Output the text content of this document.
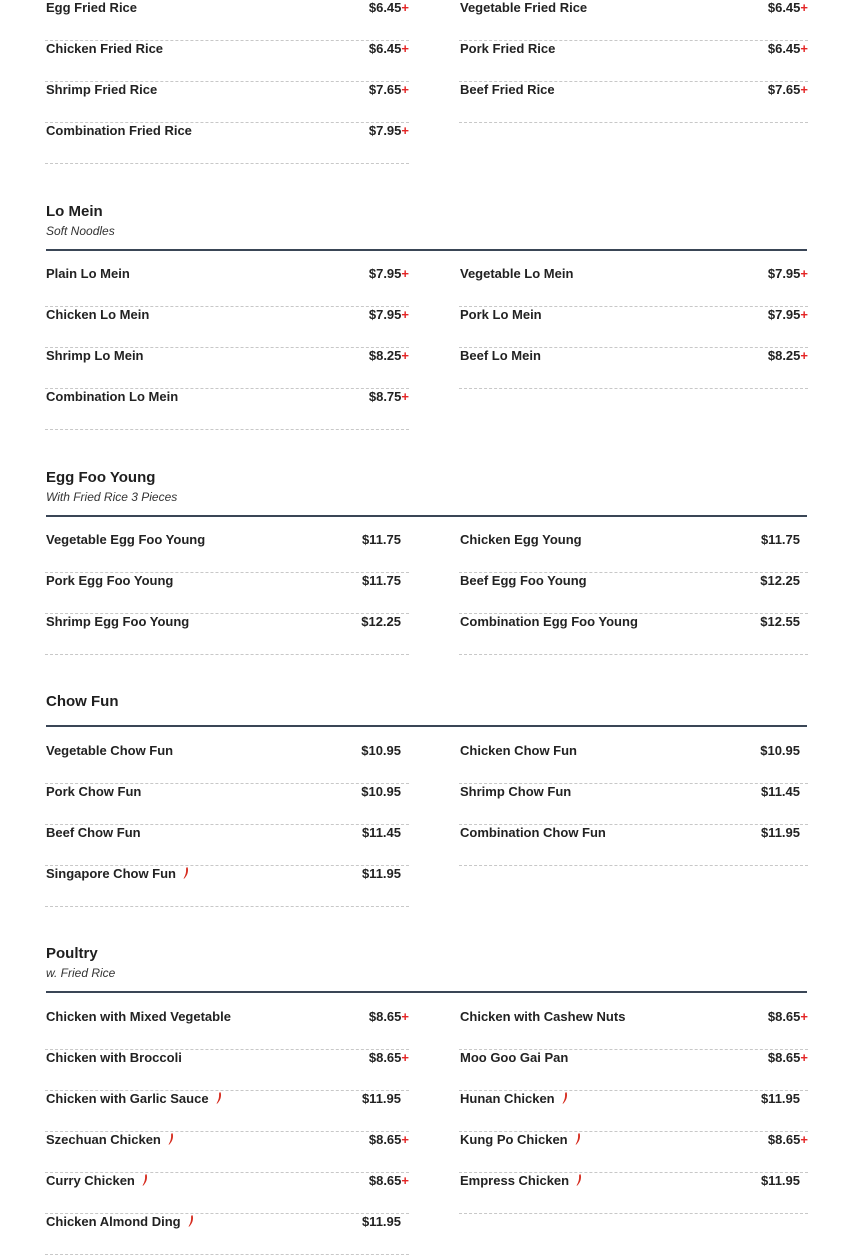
Egg Fried Rice	$6.45+
Chicken Fried Rice	$6.45+
Shrimp Fried Rice	$7.65+
Combination Fried Rice	$7.95+
Vegetable Fried Rice	$6.45+
Pork Fried Rice	$6.45+
Beef Fried Rice	$7.65+
Lo Mein
Soft Noodles
Plain Lo Mein	$7.95+
Chicken Lo Mein	$7.95+
Shrimp Lo Mein	$8.25+
Combination Lo Mein	$8.75+
Vegetable Lo Mein	$7.95+
Pork Lo Mein	$7.95+
Beef Lo Mein	$8.25+
Egg Foo Young
With Fried Rice 3 Pieces
Vegetable Egg Foo Young	$11.75
Pork Egg Foo Young	$11.75
Shrimp Egg Foo Young	$12.25
Chicken Egg Young	$11.75
Beef Egg Foo Young	$12.25
Combination Egg Foo Young	$12.55
Chow Fun
Vegetable Chow Fun	$10.95
Pork Chow Fun	$10.95
Beef Chow Fun	$11.45
Singapore Chow Fun	$11.95
Chicken Chow Fun	$10.95
Shrimp Chow Fun	$11.45
Combination Chow Fun	$11.95
Poultry
w. Fried Rice
Chicken with Mixed Vegetable	$8.65+
Chicken with Broccoli	$8.65+
Chicken with Garlic Sauce	$11.95
Szechuan Chicken	$8.65+
Curry Chicken	$8.65+
Chicken Almond Ding	$11.95
Chicken with Cashew Nuts	$8.65+
Moo Goo Gai Pan	$8.65+
Hunan Chicken	$11.95
Kung Po Chicken	$8.65+
Empress Chicken	$11.95
